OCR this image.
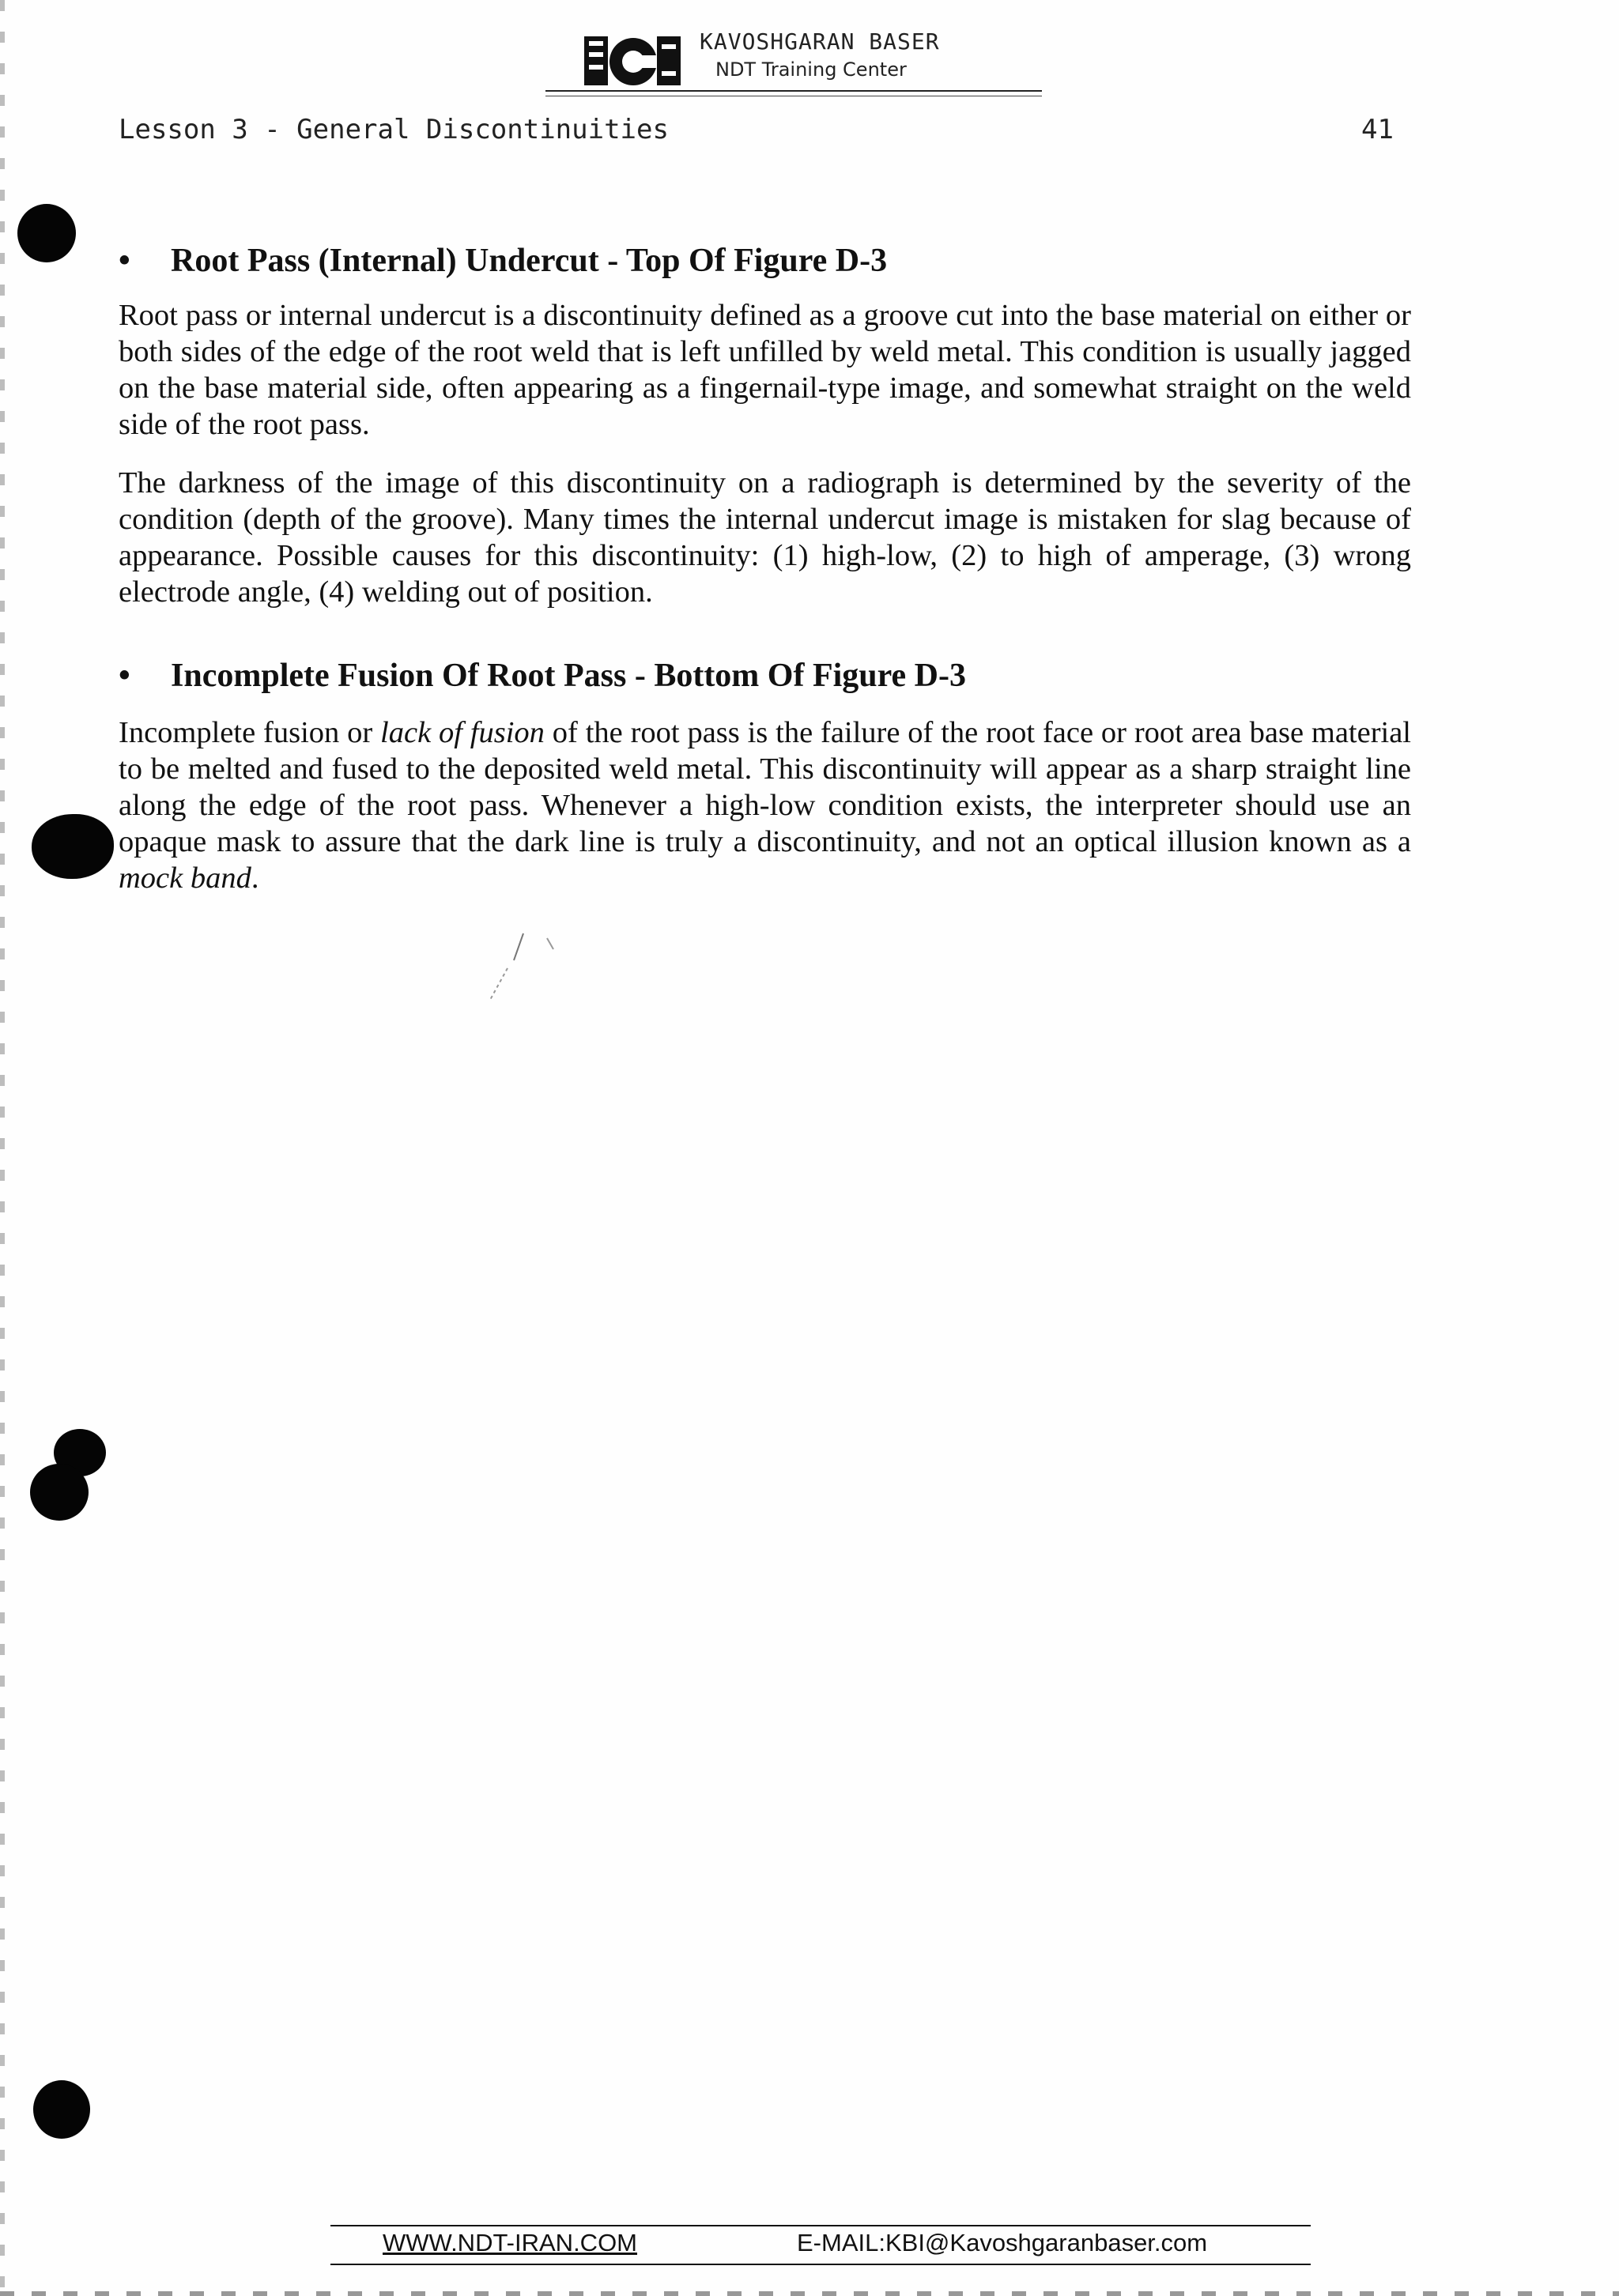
KAVOSHGARAN BASER
NDT Training Center
Lesson 3 - General Discontinuities	41
• Root Pass (Internal) Undercut - Top Of Figure D-3

Root pass or internal undercut is a discontinuity defined as a groove cut into the base material on either or both sides of the edge of the root weld that is left unfilled by weld metal. This condition is usually jagged on the base material side, often appearing as a fingernail-type image, and somewhat straight on the weld side of the root pass.

The darkness of the image of this discontinuity on a radiograph is determined by the severity of the condition (depth of the groove). Many times the internal undercut image is mistaken for slag because of appearance. Possible causes for this discontinuity: (1) high-low, (2) to high of amperage, (3) wrong electrode angle, (4) welding out of position.

• Incomplete Fusion Of Root Pass - Bottom Of Figure D-3

Incomplete fusion or lack of fusion of the root pass is the failure of the root face or root area base material to be melted and fused to the deposited weld metal. This discontinuity will appear as a sharp straight line along the edge of the root pass. Whenever a high-low condition exists, the interpreter should use an opaque mask to assure that the dark line is truly a discontinuity, and not an optical illusion known as a mock band.

WWW.NDT-IRAN.COM	E-MAIL:KBI@Kavoshgaranbaser.com
